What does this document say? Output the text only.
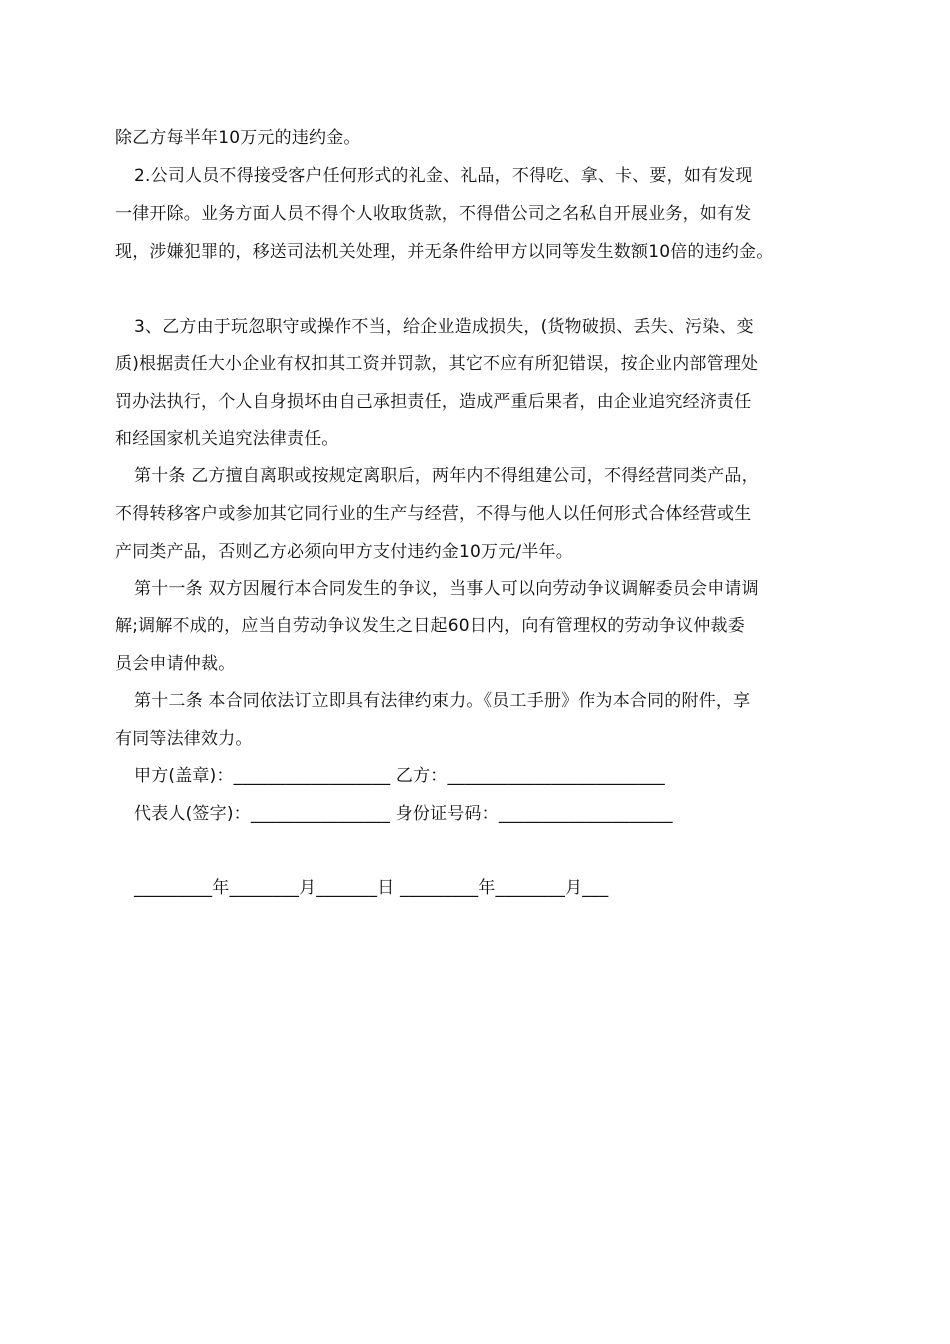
除乙方每半年10万元的违约金。
2.公司人员不得接受客户任何形式的礼金、礼品，不得吃、拿、卡、要，如有发现
一律开除。业务方面人员不得个人收取货款，不得借公司之名私自开展业务，如有发
现，涉嫌犯罪的，移送司法机关处理，并无条件给甲方以同等发生数额10倍的违约金。
3、乙方由于玩忽职守或操作不当，给企业造成损失，(货物破损、丢失、污染、变
质)根据责任大小企业有权扣其工资并罚款，其它不应有所犯错误，按企业内部管理处
罚办法执行，个人自身损坏由自己承担责任，造成严重后果者，由企业追究经济责任
和经国家机关追究法律责任。
第十条 乙方擅自离职或按规定离职后，两年内不得组建公司，不得经营同类产品，
不得转移客户或参加其它同行业的生产与经营，不得与他人以任何形式合体经营或生
产同类产品，否则乙方必须向甲方支付违约金10万元/半年。
第十一条 双方因履行本合同发生的争议，当事人可以向劳动争议调解委员会申请调
解;调解不成的，应当自劳动争议发生之日起60日内，向有管理权的劳动争议仲裁委
员会申请仲裁。
第十二条 本合同依法订立即具有法律约束力。《员工手册》作为本合同的附件，享
有同等法律效力。
甲方(盖章)：__________________ 乙方：_________________________
代表人(签字)：________________ 身份证号码：____________________
_________年________月_______日 _________年________月___
